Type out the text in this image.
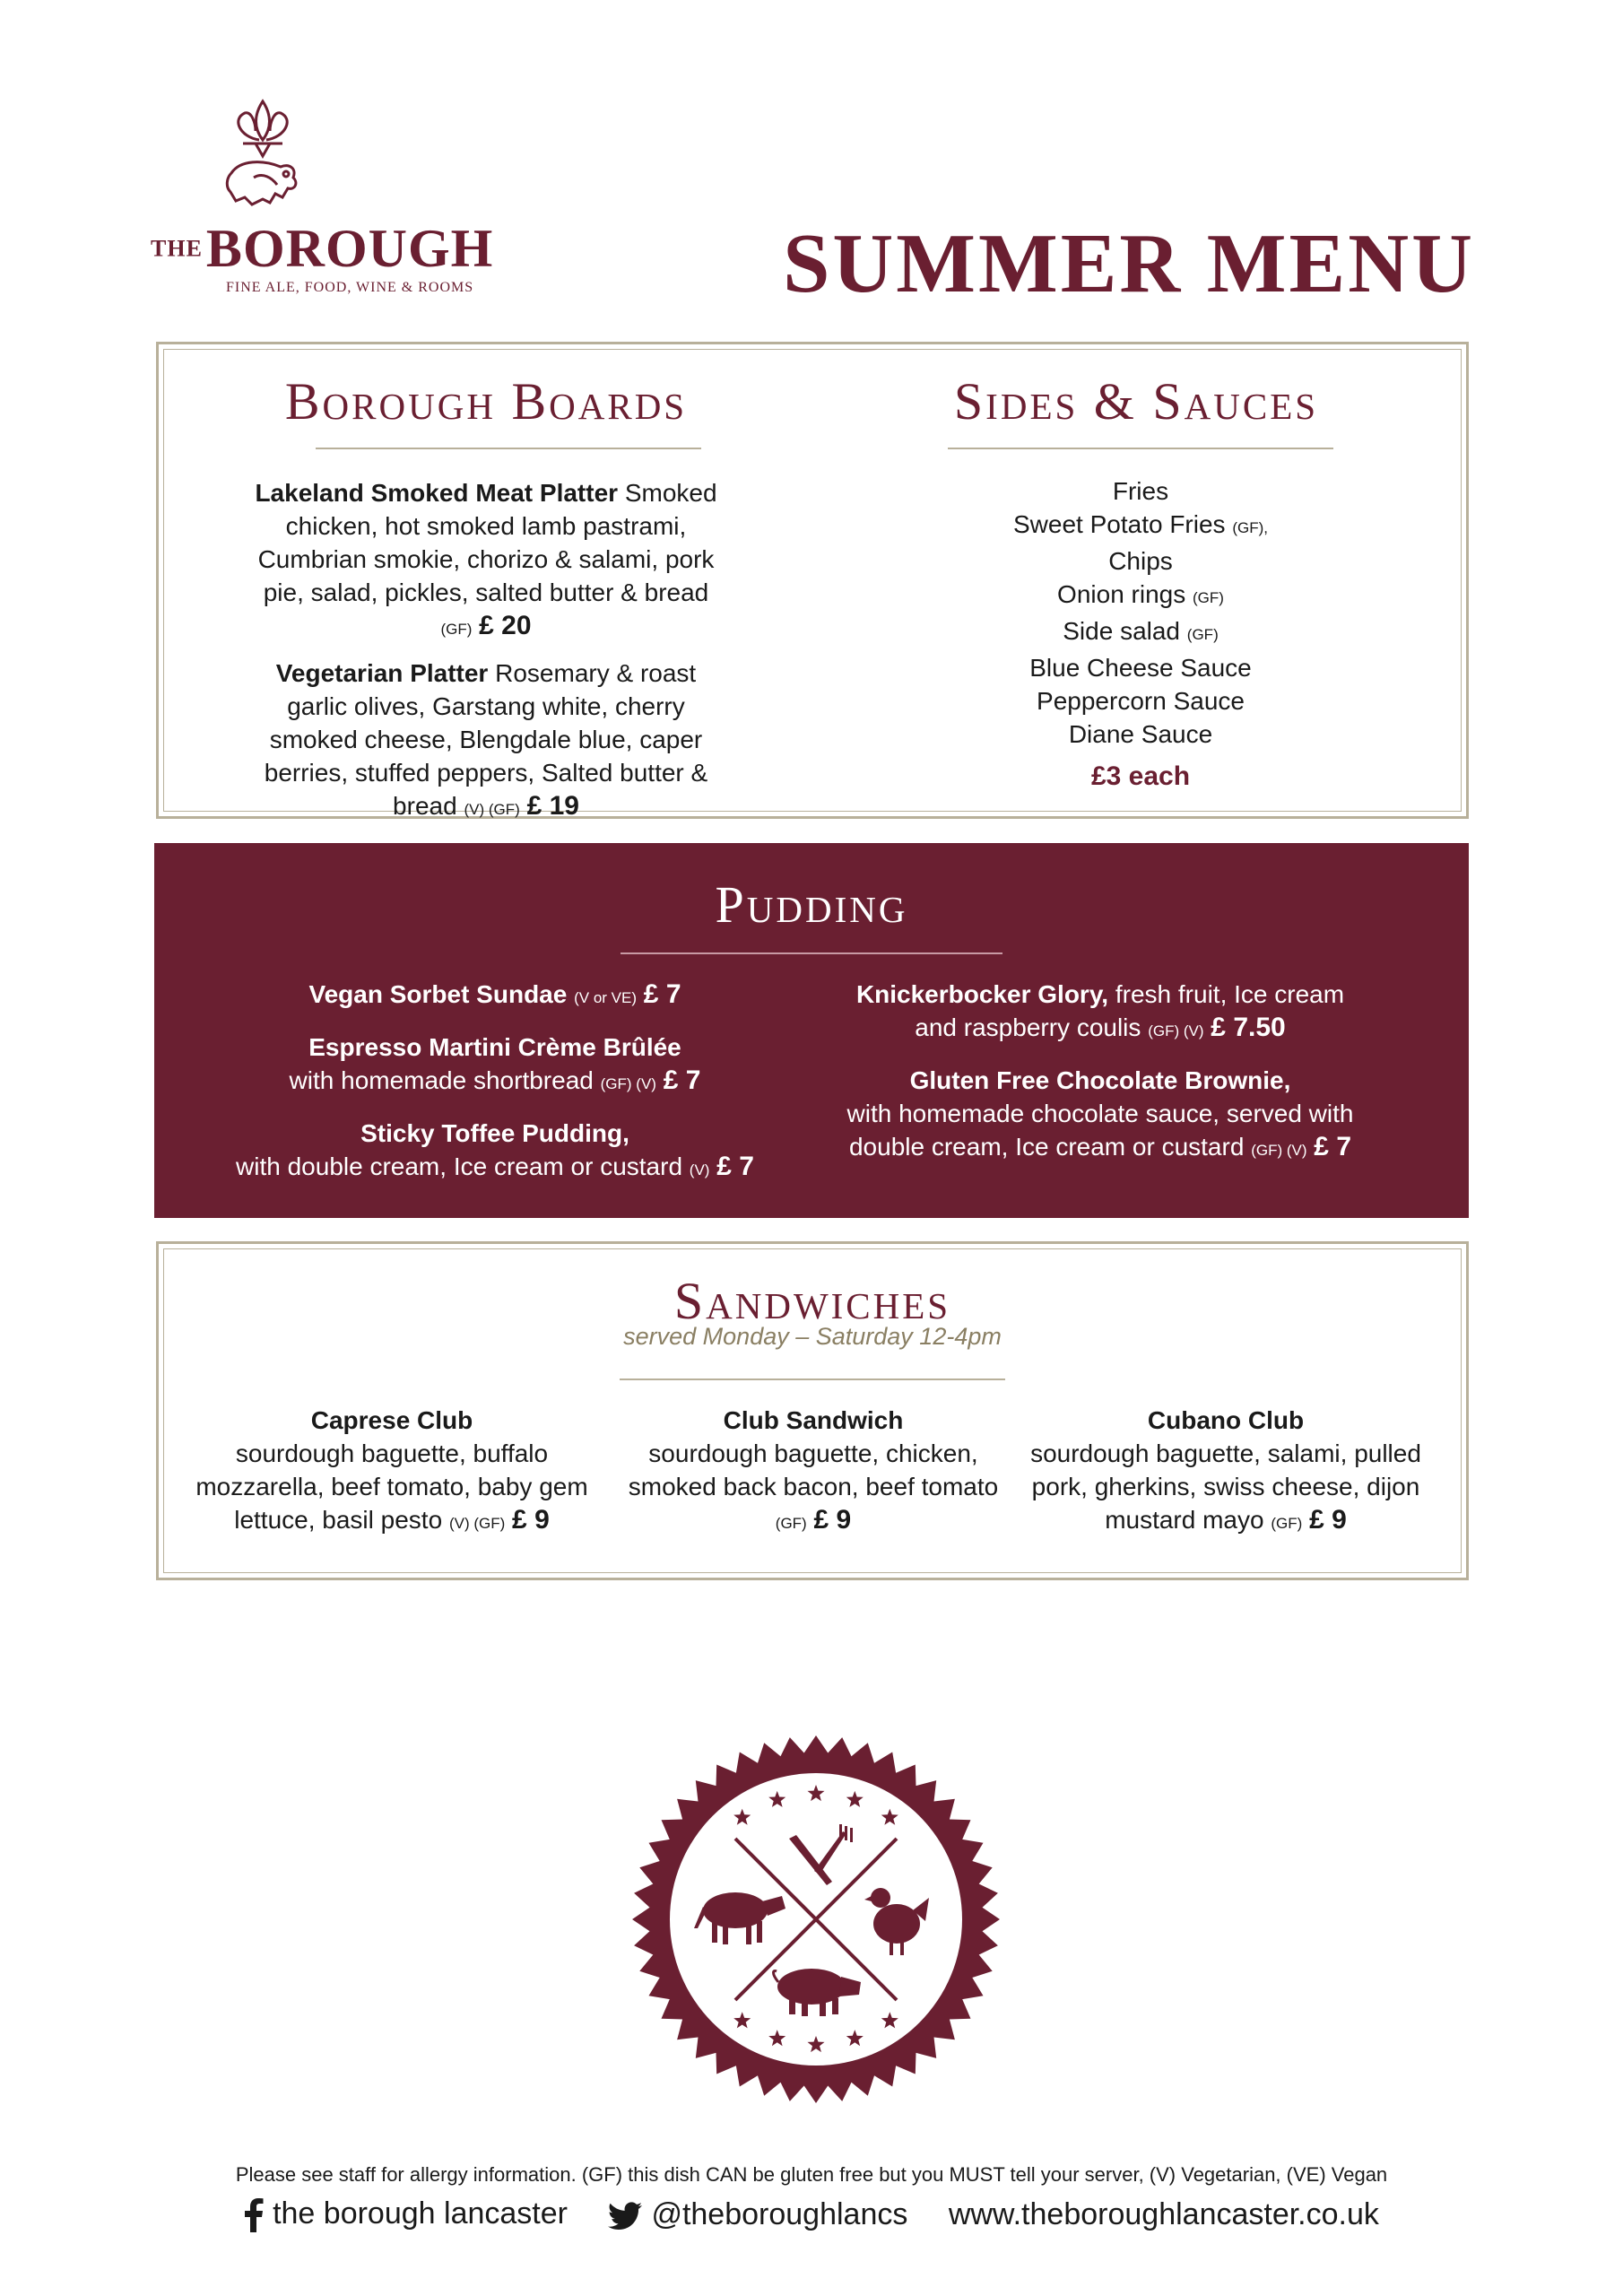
THE BOROUGH
FINE ALE, FOOD, WINE & ROOMS	SUMMER MENU
Borough Boards

Lakeland Smoked Meat Platter Smoked chicken, hot smoked lamb pastrami, Cumbrian smokie, chorizo & salami, pork pie, salad, pickles, salted butter & bread (GF) £ 20

Vegetarian Platter Rosemary & roast garlic olives, Garstang white, cherry smoked cheese, Blengdale blue, caper berries, stuffed peppers, Salted butter & bread (V) (GF) £ 19

Sides & Sauces
Fries
Sweet Potato Fries (GF),
Chips
Onion rings (GF)
Side salad (GF)
Blue Cheese Sauce
Peppercorn Sauce
Diane Sauce
£3 each
Pudding

Vegan Sorbet Sundae (V or VE) £ 7

Espresso Martini Crème Brûlée
with homemade shortbread (GF) (V) £ 7

Sticky Toffee Pudding,
with double cream, Ice cream or custard (V) £ 7

Knickerbocker Glory, fresh fruit, Ice cream and raspberry coulis (GF) (V) £ 7.50

Gluten Free Chocolate Brownie,
with homemade chocolate sauce, served with double cream, Ice cream or custard (GF) (V) £ 7

Sandwiches
served Monday – Saturday 12-4pm
Caprese Club
sourdough baguette, buffalo mozzarella, beef tomato, baby gem lettuce, basil pesto (V) (GF) £ 9
Club Sandwich
sourdough baguette, chicken, smoked back bacon, beef tomato (GF) £ 9
Cubano Club
sourdough baguette, salami, pulled pork, gherkins, swiss cheese, dijon mustard mayo (GF) £ 9
Please see staff for allergy information. (GF) this dish CAN be gluten free but you MUST tell your server, (V) Vegetarian, (VE) Vegan
the borough lancaster	@theboroughlancs www.theboroughlancaster.co.uk
